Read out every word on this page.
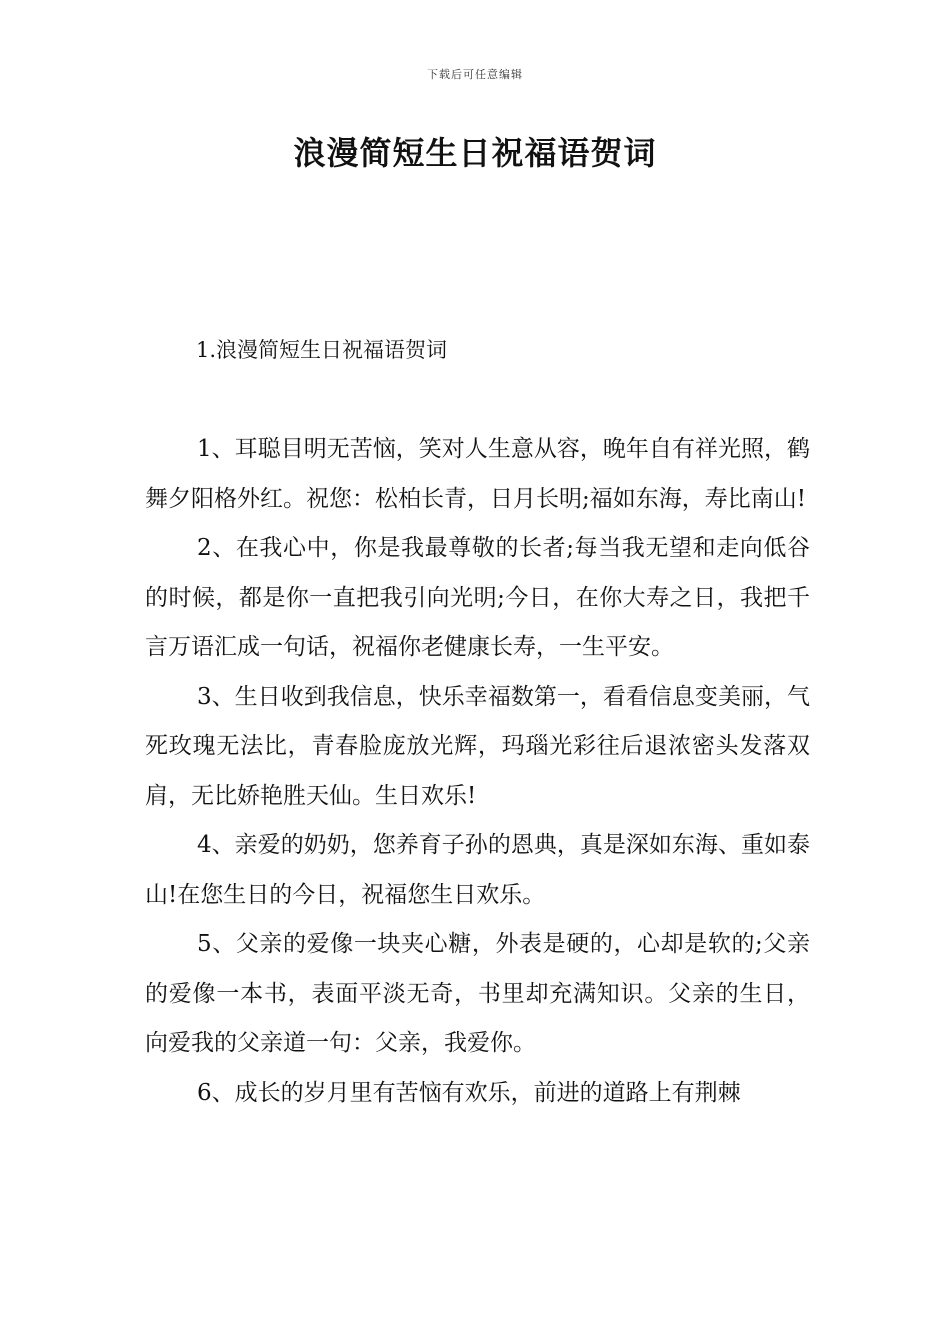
下载后可任意编辑
浪漫简短生日祝福语贺词
1.浪漫简短生日祝福语贺词

1、耳聪目明无苦恼，笑对人生意从容，晚年自有祥光照，鹤舞夕阳格外红。祝您：松柏长青，日月长明;福如东海，寿比南山!

2、在我心中，你是我最尊敬的长者;每当我无望和走向低谷的时候，都是你一直把我引向光明;今日，在你大寿之日，我把千言万语汇成一句话，祝福你老健康长寿，一生平安。

3、生日收到我信息，快乐幸福数第一，看看信息变美丽，气死玫瑰无法比，青春脸庞放光辉，玛瑙光彩往后退浓密头发落双肩，无比娇艳胜天仙。生日欢乐!

4、亲爱的奶奶，您养育子孙的恩典，真是深如东海、重如泰山!在您生日的今日，祝福您生日欢乐。

5、父亲的爱像一块夹心糖，外表是硬的，心却是软的;父亲的爱像一本书，表面平淡无奇，书里却充满知识。父亲的生日，向爱我的父亲道一句：父亲，我爱你。

6、成长的岁月里有苦恼有欢乐，前进的道路上有荆棘
